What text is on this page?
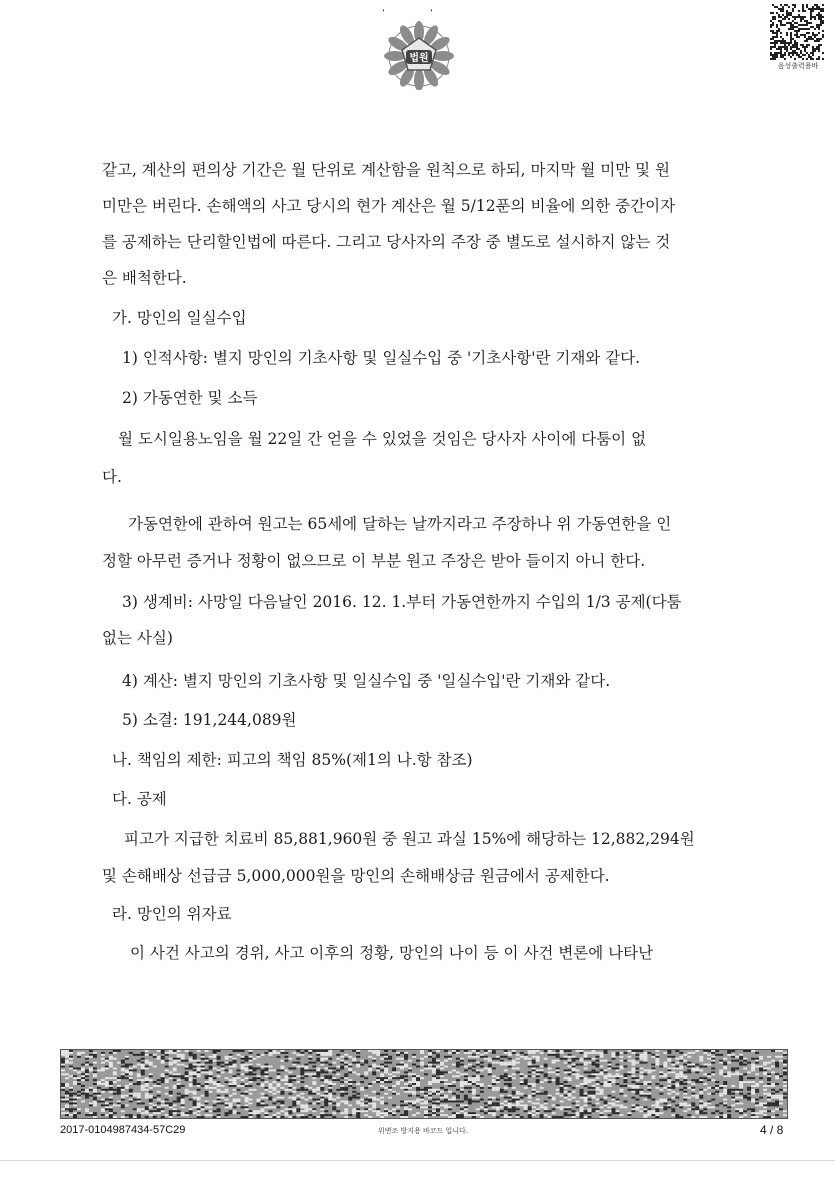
'	'
법원
음성출력용바
같고, 계산의 편의상 기간은 월 단위로 계산함을 원칙으로 하되, 마지막 월 미만 및 원
미만은 버린다. 손해액의 사고 당시의 현가 계산은 월 5/12푼의 비율에 의한 중간이자
를 공제하는 단리할인법에 따른다. 그리고 당사자의 주장 중 별도로 설시하지 않는 것
은 배척한다.
가. 망인의 일실수입
1) 인적사항: 별지 망인의 기초사항 및 일실수입 중 '기초사항'란 기재와 같다.
2) 가동연한 및 소득
월 도시일용노임을 월 22일 간 얻을 수 있었을 것임은 당사자 사이에 다툼이 없
다.
가동연한에 관하여 원고는 65세에 달하는 날까지라고 주장하나 위 가동연한을 인
정할 아무런 증거나 정황이 없으므로 이 부분 원고 주장은 받아 들이지 아니 한다.
3) 생계비: 사망일 다음날인 2016. 12. 1.부터 가동연한까지 수입의 1/3 공제(다툼
없는 사실)
4) 계산: 별지 망인의 기초사항 및 일실수입 중 '일실수입'란 기재와 같다.
5) 소결: 191,244,089원
나. 책임의 제한: 피고의 책임 85%(제1의 나.항 참조)
다. 공제
피고가 지급한 치료비 85,881,960원 중 원고 과실 15%에 해당하는 12,882,294원
및 손해배상 선급금 5,000,000원을 망인의 손해배상금 원금에서 공제한다.
라. 망인의 위자료
이 사건 사고의 경위, 사고 이후의 정황, 망인의 나이 등 이 사건 변론에 나타난
2017-0104987434-57C29	위변조 방지용 바코드 입니다.	4 / 8
